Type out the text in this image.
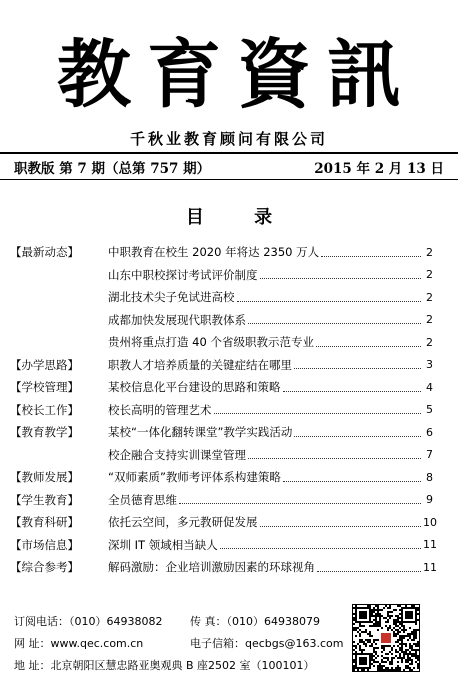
教育資訊
千秋业教育顾问有限公司
职教版 第 7 期（总第 757 期）	2015 年 2 月 13 日
目 录
【最新动态】	中职教育在校生 2020 年将达 2350 万人	2
山东中职校探讨考试评价制度	2
湖北技术尖子免试进高校	2
成都加快发展现代职教体系	2
贵州将重点打造 40 个省级职教示范专业	2
【办学思路】	职教人才培养质量的关键症结在哪里	3
【学校管理】	某校信息化平台建设的思路和策略	4
【校长工作】	校长高明的管理艺术	5
【教育教学】	某校“一体化翻转课堂”教学实践活动	6
校企融合支持实训课堂管理	7
【教师发展】	“双师素质”教师考评体系构建策略	8
【学生教育】	全员德育思维	9
【教育科研】	依托云空间，多元教研促发展	10
【市场信息】	深圳 IT 领域相当缺人	11
【综合参考】	解码激励：企业培训激励因素的环球视角	11
订阅电话：（010）64938082	传 真：（010）64938079
网 址：www.qec.com.cn	电子信箱：qecbgs@163.com
地 址：北京朝阳区慧忠路亚奥观典 B 座2502 室（100101）
